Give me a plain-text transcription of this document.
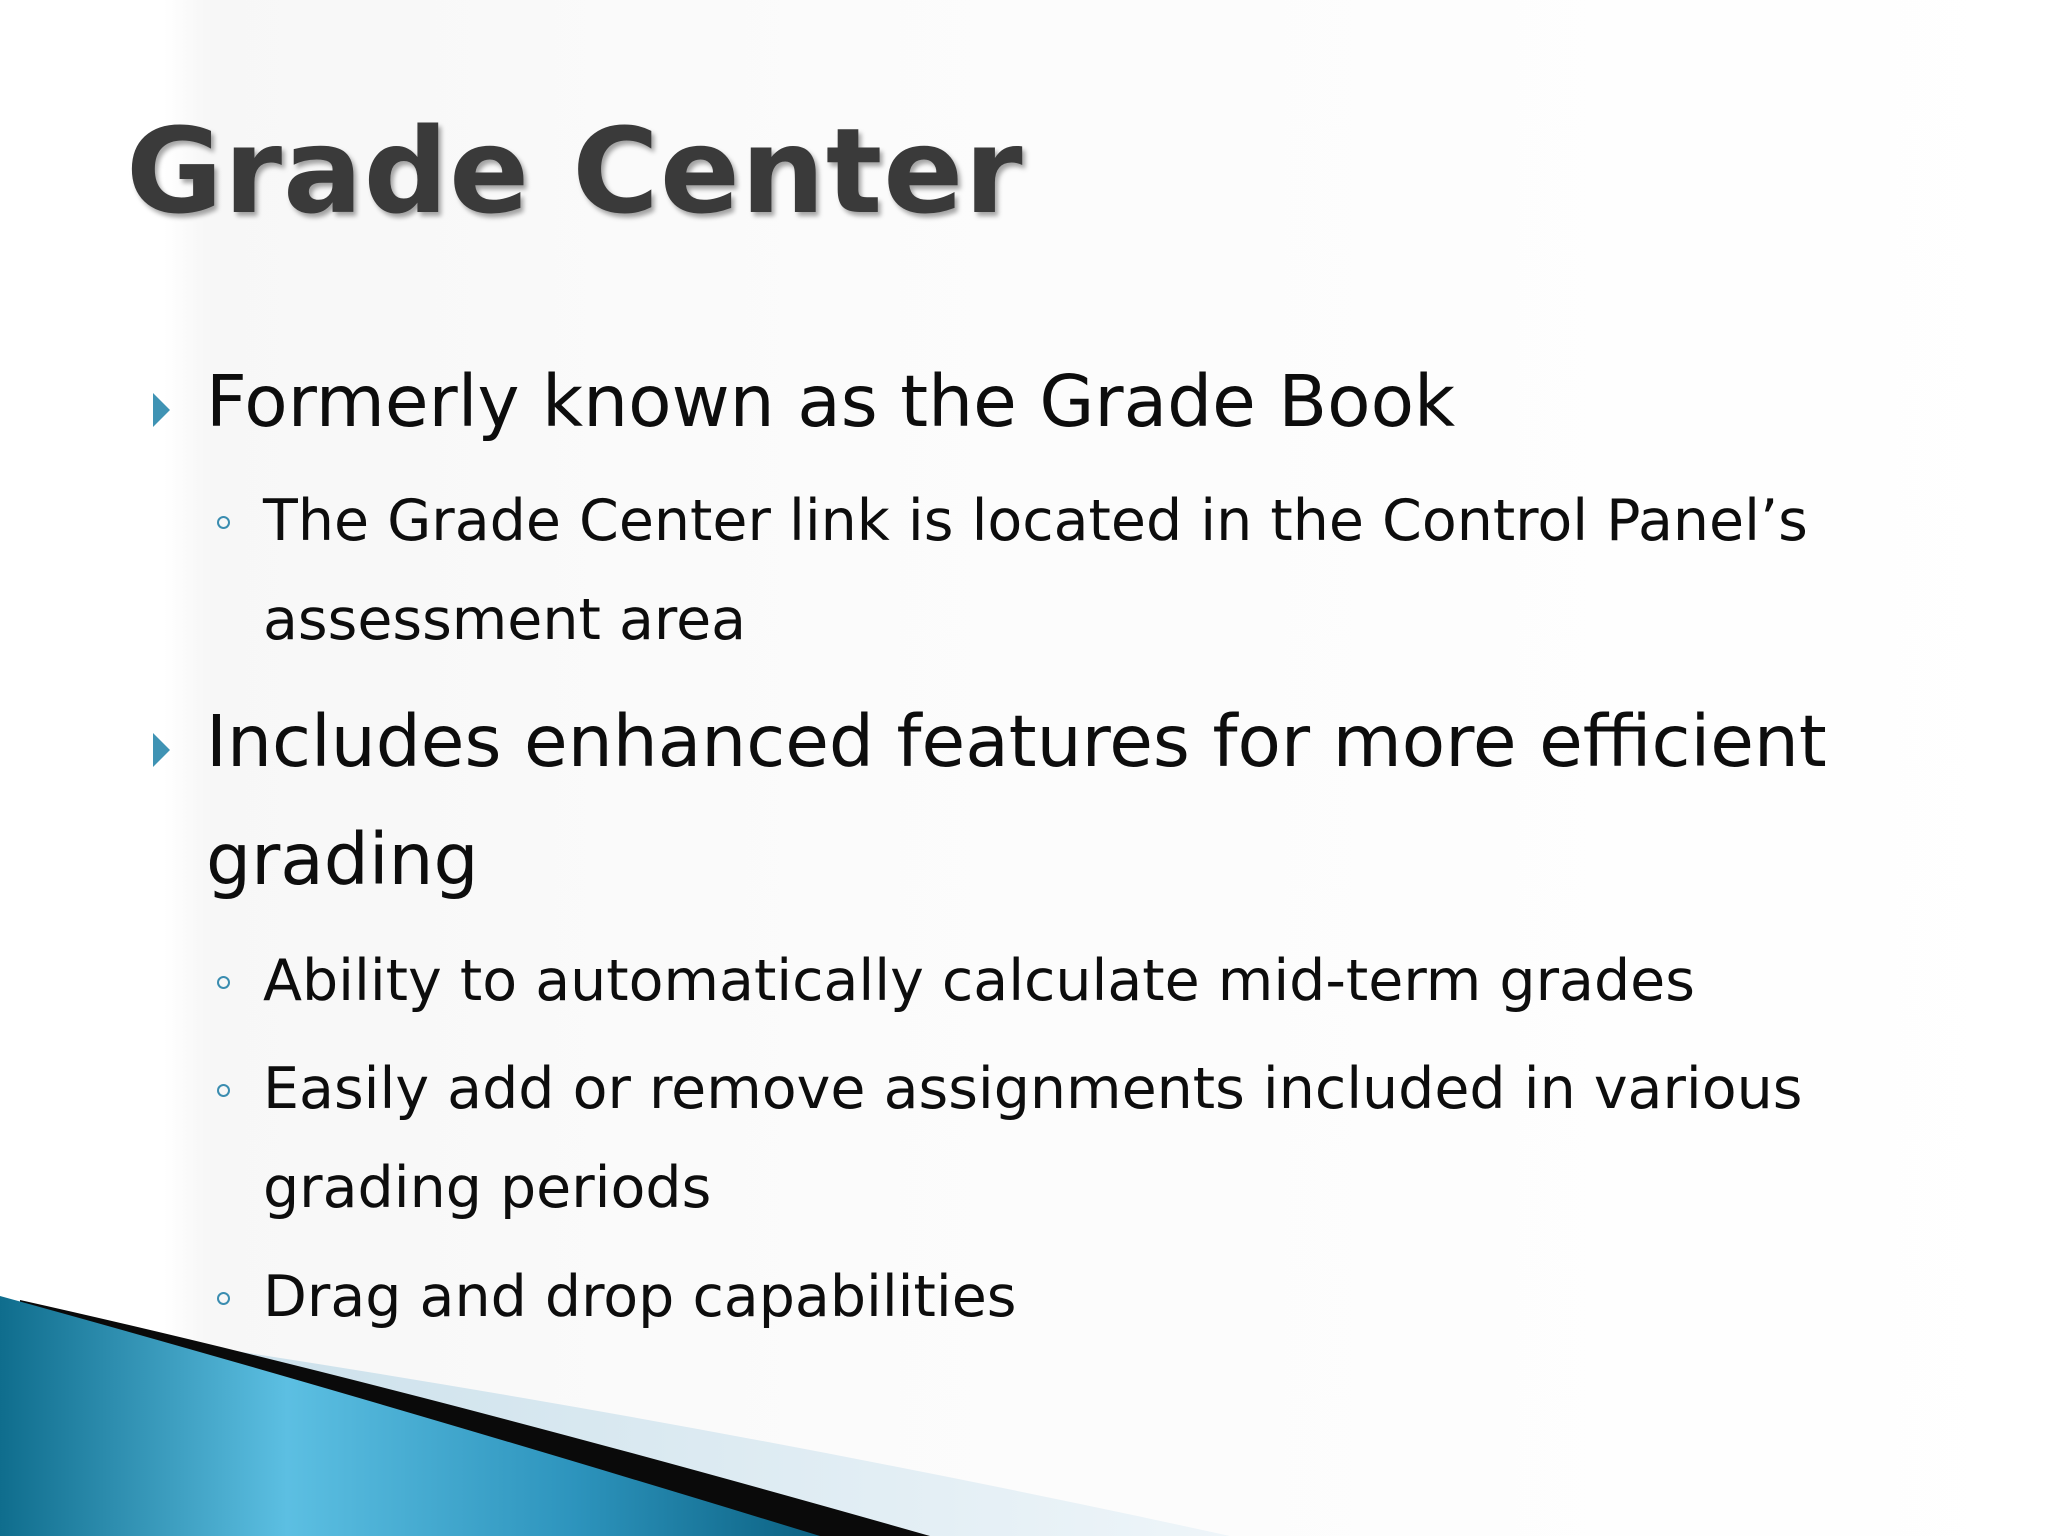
Grade Center
Formerly known as the Grade Book
The Grade Center link is located in the Control Panel’s
assessment area
Includes enhanced features for more efficient
grading
Ability to automatically calculate mid-term grades
Easily add or remove assignments included in various
grading periods
Drag and drop capabilities
